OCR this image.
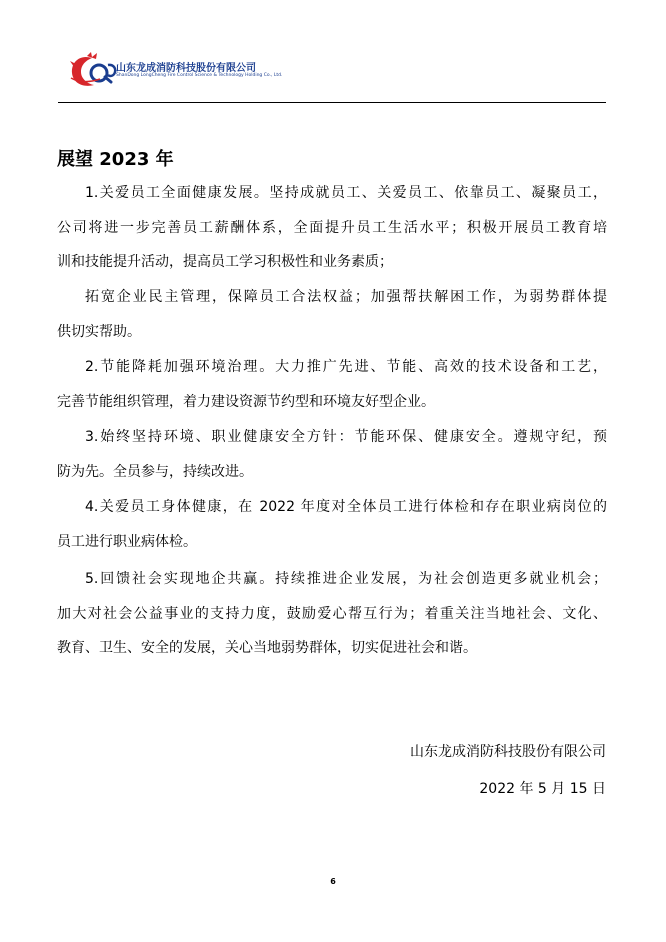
山东龙成消防科技股份有限公司
ShanDong LongCheng Fire Control Science & Technology Holding Co., Ltd.
展望 2023 年

1.关爱员工全面健康发展。坚持成就员工、关爱员工、依靠员工、凝聚员工，
公司将进一步完善员工薪酬体系，全面提升员工生活水平；积极开展员工教育培
训和技能提升活动，提高员工学习积极性和业务素质；

拓宽企业民主管理，保障员工合法权益；加强帮扶解困工作，为弱势群体提
供切实帮助。

2.节能降耗加强环境治理。大力推广先进、节能、高效的技术设备和工艺，
完善节能组织管理，着力建设资源节约型和环境友好型企业。

3.始终坚持环境、职业健康安全方针：节能环保、健康安全。遵规守纪，预
防为先。全员参与，持续改进。

4.关爱员工身体健康，在 2022 年度对全体员工进行体检和存在职业病岗位的
员工进行职业病体检。

5.回馈社会实现地企共赢。持续推进企业发展，为社会创造更多就业机会；
加大对社会公益事业的支持力度，鼓励爱心帮互行为；着重关注当地社会、文化、
教育、卫生、安全的发展，关心当地弱势群体，切实促进社会和谐。

山东龙成消防科技股份有限公司
2022 年 5 月 15 日
6
